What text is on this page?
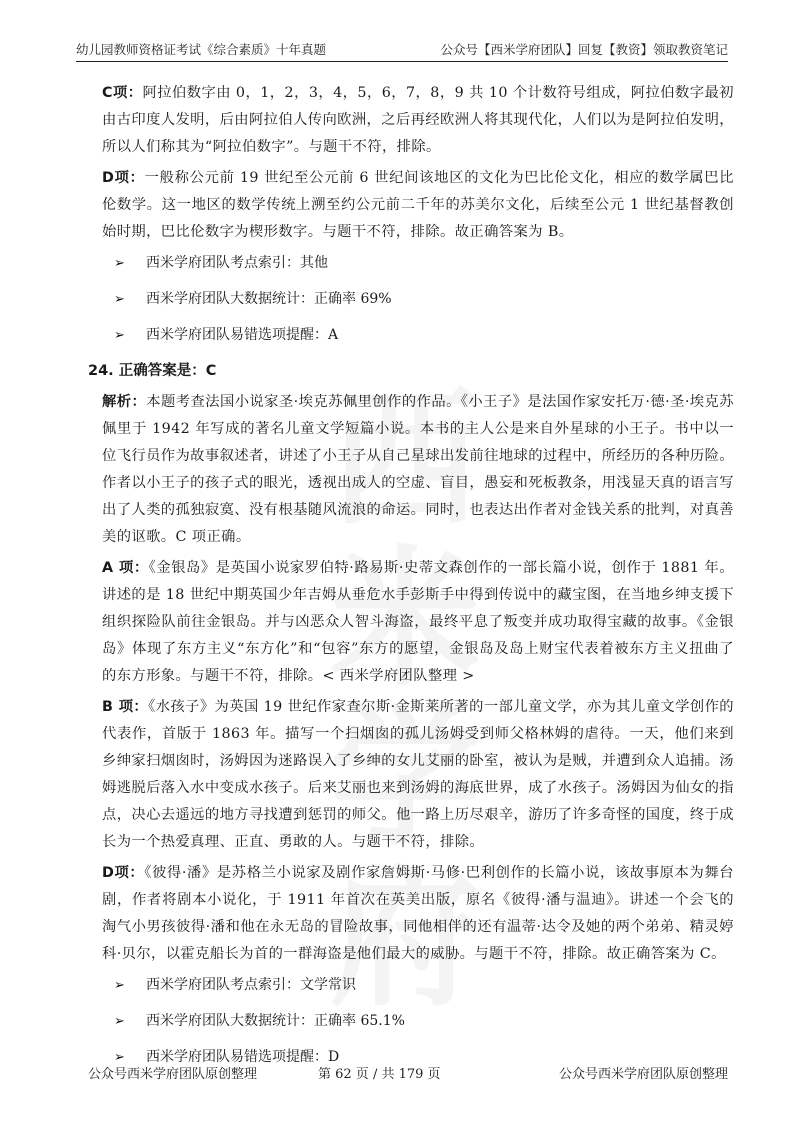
幼儿园教师资格证考试《综合素质》十年真题	公众号【西米学府团队】回复【教资】领取教资笔记

C项：阿拉伯数字由 0，1，2，3，4，5，6，7，8，9 共 10 个计数符号组成，阿拉伯数字最初由古印度人发明，后由阿拉伯人传向欧洲，之后再经欧洲人将其现代化，人们以为是阿拉伯发明，所以人们称其为“阿拉伯数字”。与题干不符，排除。

D项：一般称公元前 19 世纪至公元前 6 世纪间该地区的文化为巴比伦文化，相应的数学属巴比伦数学。这一地区的数学传统上溯至约公元前二千年的苏美尔文化，后续至公元 1 世纪基督教创始时期，巴比伦数字为楔形数字。与题干不符，排除。故正确答案为 B。

➢ 西米学府团队考点索引：其他
➢ 西米学府团队大数据统计：正确率 69%
➢ 西米学府团队易错选项提醒：A
24. 正确答案是：C

解析：本题考查法国小说家圣·埃克苏佩里创作的作品。《小王子》是法国作家安托万·德·圣·埃克苏佩里于 1942 年写成的著名儿童文学短篇小说。本书的主人公是来自外星球的小王子。书中以一位飞行员作为故事叙述者，讲述了小王子从自己星球出发前往地球的过程中，所经历的各种历险。作者以小王子的孩子式的眼光，透视出成人的空虚、盲目，愚妄和死板教条，用浅显天真的语言写出了人类的孤独寂寞、没有根基随风流浪的命运。同时，也表达出作者对金钱关系的批判，对真善美的讴歌。C 项正确。

A 项：《金银岛》是英国小说家罗伯特·路易斯·史蒂文森创作的一部长篇小说，创作于 1881 年。讲述的是 18 世纪中期英国少年吉姆从垂危水手彭斯手中得到传说中的藏宝图，在当地乡绅支援下组织探险队前往金银岛。并与凶恶众人智斗海盗，最终平息了叛变并成功取得宝藏的故事。《金银岛》体现了东方主义“东方化”和“包容”东方的愿望，金银岛及岛上财宝代表着被东方主义扭曲了的东方形象。与题干不符，排除。< 西米学府团队整理 >

B 项：《水孩子》为英国 19 世纪作家查尔斯·金斯莱所著的一部儿童文学，亦为其儿童文学创作的代表作，首版于 1863 年。描写一个扫烟囱的孤儿汤姆受到师父格林姆的虐待。一天，他们来到乡绅家扫烟囱时，汤姆因为迷路误入了乡绅的女儿艾丽的卧室，被认为是贼，并遭到众人追捕。汤姆逃脱后落入水中变成水孩子。后来艾丽也来到汤姆的海底世界，成了水孩子。汤姆因为仙女的指点，决心去遥远的地方寻找遭到惩罚的师父。他一路上历尽艰辛，游历了许多奇怪的国度，终于成长为一个热爱真理、正直、勇敢的人。与题干不符，排除。

D项：《彼得·潘》是苏格兰小说家及剧作家詹姆斯·马修·巴利创作的长篇小说，该故事原本为舞台剧，作者将剧本小说化，于 1911 年首次在英美出版，原名《彼得·潘与温迪》。讲述一个会飞的淘气小男孩彼得·潘和他在永无岛的冒险故事，同他相伴的还有温蒂·达令及她的两个弟弟、精灵婷科·贝尔，以霍克船长为首的一群海盗是他们最大的威胁。与题干不符，排除。故正确答案为 C。

➢ 西米学府团队考点索引：文学常识
➢ 西米学府团队大数据统计：正确率 65.1%
➢ 西米学府团队易错选项提醒：D
公众号西米学府团队原创整理	第 62 页 / 共 179 页	公众号西米学府团队原创整理
